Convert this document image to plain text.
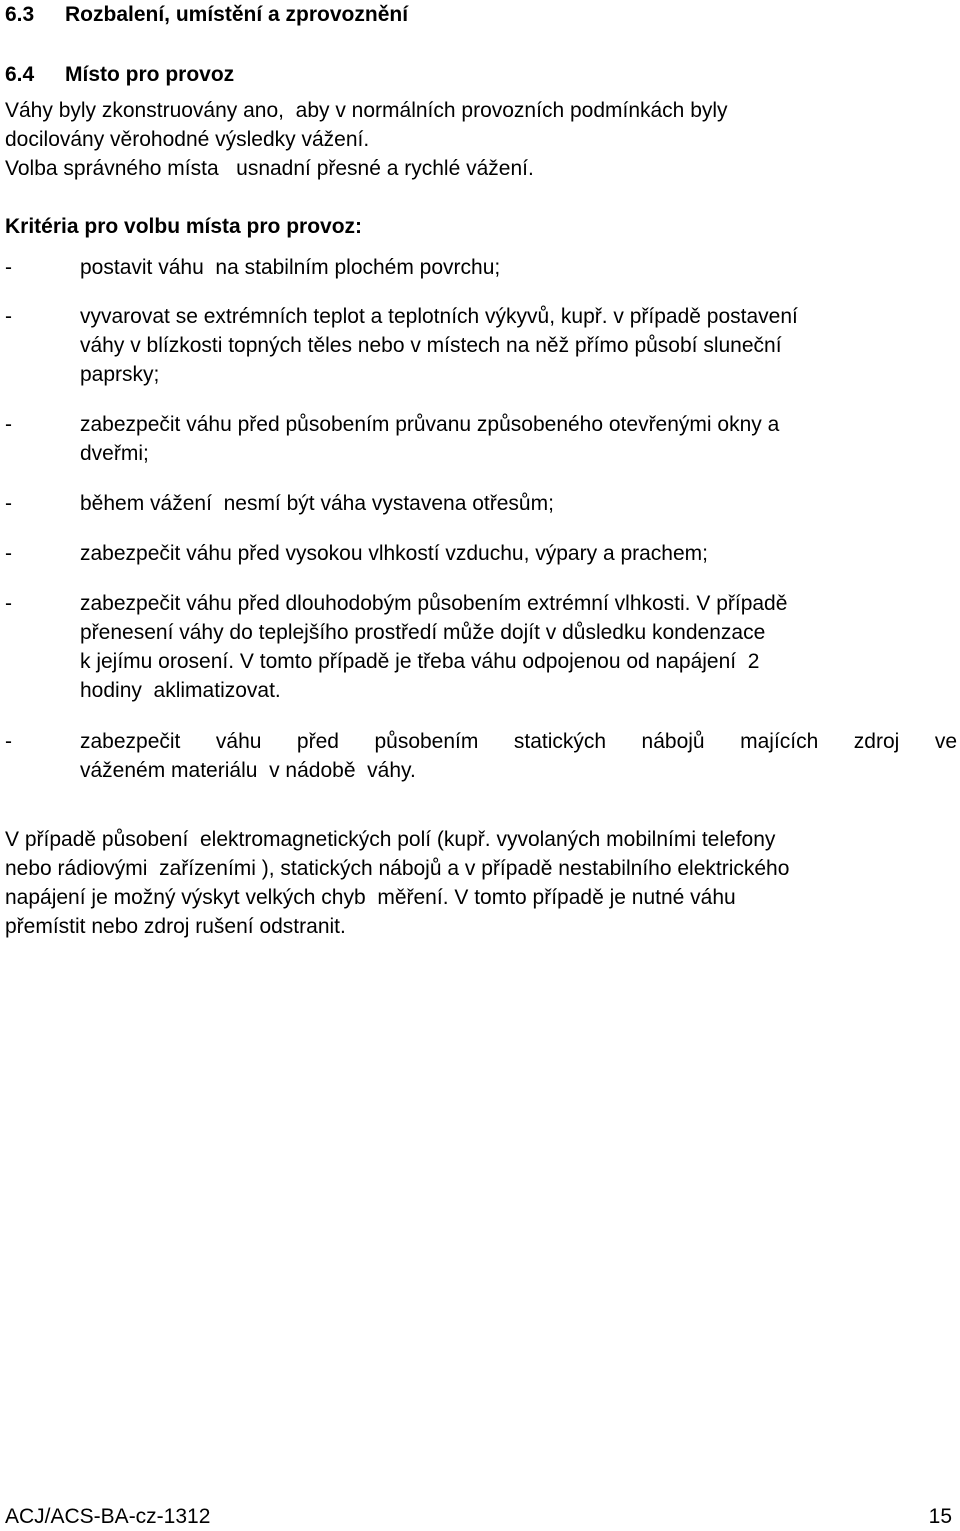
6.3 Rozbalení, umístění a zprovoznění
6.4 Místo pro provoz
Váhy byly zkonstruovány ano,  aby v normálních provozních podmínkách byly
docilovány věrohodné výsledky vážení.
Volba správného místa   usnadní přesné a rychlé vážení.
Kritéria pro volbu místa pro provoz:
-	postavit váhu  na stabilním plochém povrchu;
-	vyvarovat se extrémních teplot a teplotních výkyvů, kupř. v případě postavení
váhy v blízkosti topných těles nebo v místech na něž přímo působí sluneční
paprsky;
-	zabezpečit váhu před působením průvanu způsobeného otevřenými okny a
dveřmi;
-	během vážení  nesmí být váha vystavena otřesům;
-	zabezpečit váhu před vysokou vlhkostí vzduchu, výpary a prachem;
-	zabezpečit váhu před dlouhodobým působením extrémní vlhkosti. V případě
přenesení váhy do teplejšího prostředí může dojít v důsledku kondenzace
k jejímu orosení. V tomto případě je třeba váhu odpojenou od napájení  2
hodiny  aklimatizovat.
-	zabezpečit váhu před působením statických nábojů majících zdroj ve
váženém materiálu  v nádobě  váhy.
V případě působení  elektromagnetických polí (kupř. vyvolaných mobilními telefony
nebo rádiovými  zařízeními ), statických nábojů a v případě nestabilního elektrického
napájení je možný výskyt velkých chyb  měření. V tomto případě je nutné váhu
přemístit nebo zdroj rušení odstranit.
ACJ/ACS-BA-cz-1312	15
